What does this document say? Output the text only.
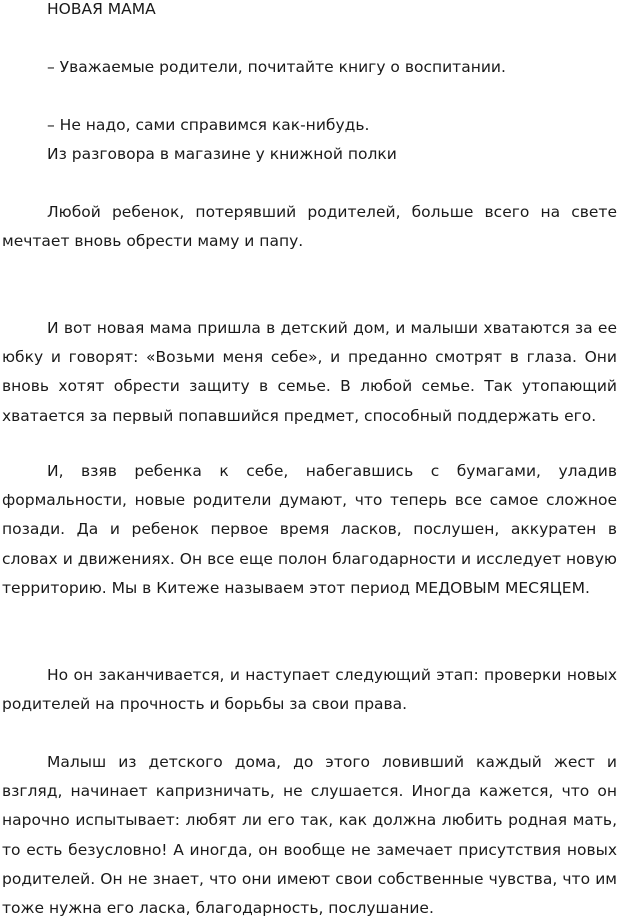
НОВАЯ МАМА
– Уважаемые родители, почитайте книгу о воспитании.
– Не надо, сами справимся как-нибудь.
Из разговора в магазине у книжной полки

Любой ребенок, потерявший родителей, больше всего на свете мечтает вновь обрести маму и папу.

И вот новая мама пришла в детский дом, и малыши хватаются за ее юбку и говорят: «Возьми меня себе», и преданно смотрят в глаза. Они вновь хотят обрести защиту в семье. В любой семье. Так утопающий хватается за первый попавшийся предмет, способный поддержать его.

И, взяв ребенка к себе, набегавшись с бумагами, уладив формальности, новые родители думают, что теперь все самое сложное позади. Да и ребенок первое время ласков, послушен, аккуратен в словах и движениях. Он все еще полон благодарности и исследует новую территорию. Мы в Китеже называем этот период МЕДОВЫМ МЕСЯЦЕМ.

Но он заканчивается, и наступает следующий этап: проверки новых родителей на прочность и борьбы за свои права.

Малыш из детского дома, до этого ловивший каждый жест и взгляд, начинает капризничать, не слушается. Иногда кажется, что он нарочно испытывает: любят ли его так, как должна любить родная мать, то есть безусловно! А иногда, он вообще не замечает присутствия новых родителей. Он не знает, что они имеют свои собственные чувства, что им тоже нужна его ласка, благодарность, послушание.
